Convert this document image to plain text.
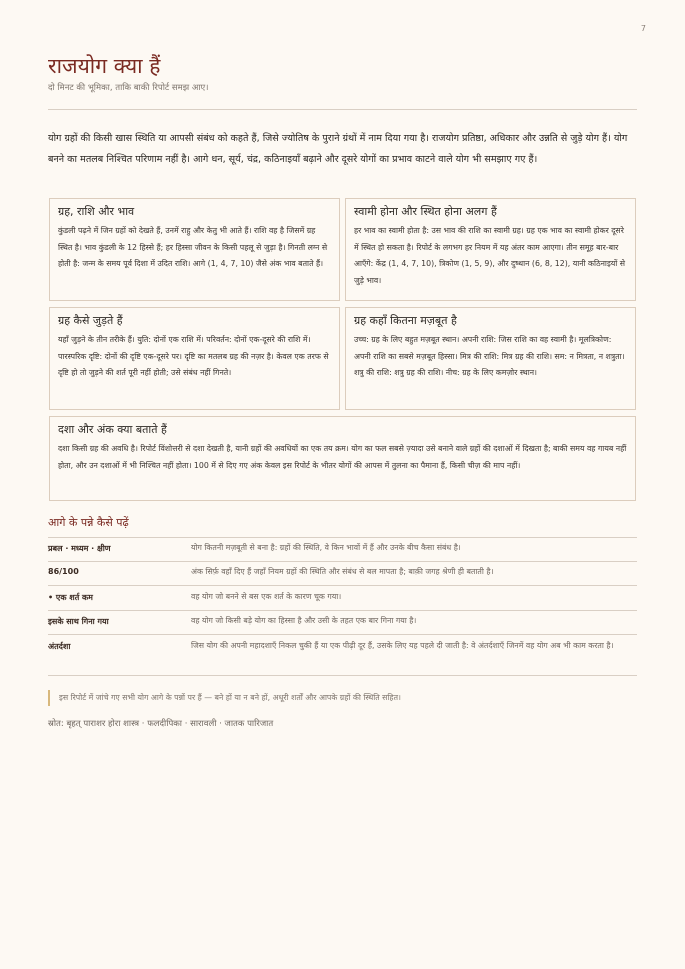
7
राजयोग क्या हैं
दो मिनट की भूमिका, ताकि बाकी रिपोर्ट समझ आए।
योग ग्रहों की किसी खास स्थिति या आपसी संबंध को कहते हैं, जिसे ज्योतिष के पुराने ग्रंथों में नाम दिया गया है। राजयोग प्रतिष्ठा, अधिकार और उन्नति से जुड़े योग हैं। योग बनने का मतलब निश्चित परिणाम नहीं है। आगे धन, सूर्य, चंद्र, कठिनाइयाँ बढ़ाने और दूसरे योगों का प्रभाव काटने वाले योग भी समझाए गए हैं।
ग्रह, राशि और भाव

कुंडली पढ़ने में जिन ग्रहों को देखते हैं, उनमें राहु और केतु भी आते हैं। राशि वह है जिसमें ग्रह स्थित है। भाव कुंडली के 12 हिस्से हैं; हर हिस्सा जीवन के किसी पहलू से जुड़ा है। गिनती लग्न से होती है: जन्म के समय पूर्व दिशा में उदित राशि। आगे (1, 4, 7, 10) जैसे अंक भाव बताते हैं।

स्वामी होना और स्थित होना अलग हैं

हर भाव का स्वामी होता है: उस भाव की राशि का स्वामी ग्रह। ग्रह एक भाव का स्वामी होकर दूसरे में स्थित हो सकता है। रिपोर्ट के लगभग हर नियम में यह अंतर काम आएगा। तीन समूह बार-बार आएँगे: केंद्र (1, 4, 7, 10), त्रिकोण (1, 5, 9), और दुष्थान (6, 8, 12), यानी कठिनाइयों से जुड़े भाव।

ग्रह कैसे जुड़ते हैं

यहाँ जुड़ने के तीन तरीके हैं। युति: दोनों एक राशि में। परिवर्तन: दोनों एक-दूसरे की राशि में। पारस्परिक दृष्टि: दोनों की दृष्टि एक-दूसरे पर। दृष्टि का मतलब ग्रह की नज़र है। केवल एक तरफ से दृष्टि हो तो जुड़ने की शर्त पूरी नहीं होती; उसे संबंध नहीं गिनते।

ग्रह कहाँ कितना मज़बूत है

उच्च: ग्रह के लिए बहुत मज़बूत स्थान। अपनी राशि: जिस राशि का वह स्वामी है। मूलत्रिकोण: अपनी राशि का सबसे मज़बूत हिस्सा। मित्र की राशि: मित्र ग्रह की राशि। सम: न मित्रता, न शत्रुता। शत्रु की राशि: शत्रु ग्रह की राशि। नीच: ग्रह के लिए कमज़ोर स्थान।

दशा और अंक क्या बताते हैं

दशा किसी ग्रह की अवधि है। रिपोर्ट विंशोत्तरी से दशा देखती है, यानी ग्रहों की अवधियों का एक तय क्रम। योग का फल सबसे ज़्यादा उसे बनाने वाले ग्रहों की दशाओं में दिखता है; बाकी समय वह गायब नहीं होता, और उन दशाओं में भी निश्चित नहीं होता। 100 में से दिए गए अंक केवल इस रिपोर्ट के भीतर योगों की आपस में तुलना का पैमाना हैं, किसी चीज़ की माप नहीं।

आगे के पन्ने कैसे पढ़ें
प्रबल · मध्यम · क्षीण	योग कितनी मज़बूती से बना है: ग्रहों की स्थिति, वे किन भावों में हैं और उनके बीच कैसा संबंध है।
86/100	अंक सिर्फ़ वहाँ दिए हैं जहाँ नियम ग्रहों की स्थिति और संबंध से बल मापता है; बाक़ी जगह श्रेणी ही बताती है।
• एक शर्त कम	वह योग जो बनने से बस एक शर्त के कारण चूक गया।
इसके साथ गिना गया	वह योग जो किसी बड़े योग का हिस्सा है और उसी के तहत एक बार गिना गया है।
अंतर्दशा	जिस योग की अपनी महादशाएँ निकल चुकी हैं या एक पीढ़ी दूर हैं, उसके लिए यह पहले दी जाती है: वे अंतर्दशाएँ जिनमें वह योग अब भी काम करता है।
इस रिपोर्ट में जांचे गए सभी योग आगे के पन्नों पर हैं — बने हों या न बने हों, अधूरी शर्तों और आपके ग्रहों की स्थिति सहित।
स्रोत: बृहत् पाराशर होरा शास्त्र · फलदीपिका · सारावली · जातक पारिजात
